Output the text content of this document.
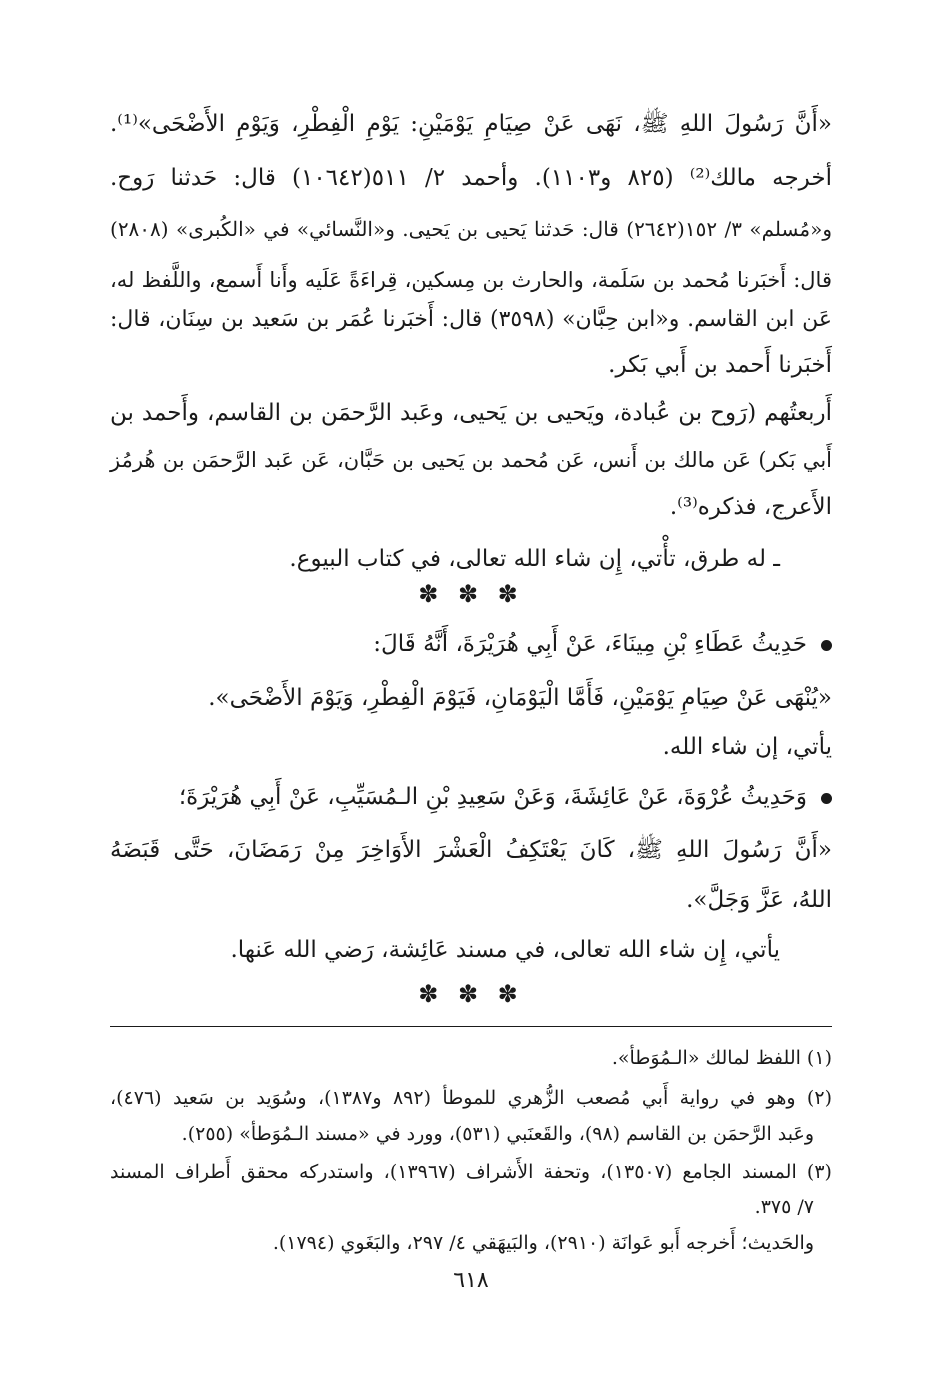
«أَنَّ رَسُولَ اللهِ ﷺ، نَهَى عَنْ صِيَامِ يَوْمَيْنِ: يَوْمِ الْفِطْرِ، وَيَوْمِ الأَضْحَى»⁽¹⁾.
أخرجه مالك⁽²⁾ (٨٢٥ و١١٠٣). وأحمد ٢/ ٥١١(١٠٦٤٢) قال: حَدثنا رَوح.
و«مُسلم» ٣/ ١٥٢(٢٦٤٢) قال: حَدثنا يَحيى بن يَحيى. و«النَّسائي» في «الكُبرى» (٢٨٠٨)
قال: أَخبَرنا مُحمد بن سَلَمة، والحارث بن مِسكين، قِراءَةً عَلَيه وأَنا أَسمع، واللَّفظ له،
عَن ابن القاسم. و«ابن حِبَّان» (٣٥٩٨) قال: أَخبَرنا عُمَر بن سَعيد بن سِنَان، قال:
أَخبَرنا أَحمد بن أَبي بَكر.
أَربعتُهم (رَوح بن عُبادة، ويَحيى بن يَحيى، وعَبد الرَّحمَن بن القاسم، وأَحمد بن
أَبي بَكر) عَن مالك بن أَنس، عَن مُحمد بن يَحيى بن حَبَّان، عَن عَبد الرَّحمَن بن هُرمُز
الأَعرج، فذكره⁽³⁾.
ـ له طرق، تأْتي، إِن شاء الله تعالى، في كتاب البيوع.
✽ ✽ ✽
حَدِيثُ عَطَاءِ بْنِ مِينَاءَ، عَنْ أَبِي هُرَيْرَةَ، أَنَّهُ قَالَ:
«يُنْهَى عَنْ صِيَامِ يَوْمَيْنِ، فَأَمَّا الْيَوْمَانِ، فَيَوْمَ الْفِطْرِ، وَيَوْمَ الأَضْحَى».
يأتي، إن شاء الله.
وَحَدِيثُ عُرْوَةَ، عَنْ عَائِشَةَ، وَعَنْ سَعِيدِ بْنِ الـمُسَيِّبِ، عَنْ أَبِي هُرَيْرَةَ؛
«أَنَّ رَسُولَ اللهِ ﷺ، كَانَ يَعْتَكِفُ الْعَشْرَ الأَوَاخِرَ مِنْ رَمَضَانَ، حَتَّى قَبَضَهُ
اللهُ، عَزَّ وَجَلَّ».
يأتي، إِن شاء الله تعالى، في مسند عَائِشة، رَضي الله عَنها.
✽ ✽ ✽
(١) اللفظ لمالك «الـمُوَطأ».
(٢) وهو في رواية أَبي مُصعب الزُّهري للموطأ (٨٩٢ و١٣٨٧)، وسُوَيد بن سَعيد (٤٧٦)،
وعَبد الرَّحمَن بن القاسم (٩٨)، والقَعنَبي (٥٣١)، وورد في «مسند الـمُوَطأ» (٢٥٥).
(٣) المسند الجامع (١٣٥٠٧)، وتحفة الأَشراف (١٣٩٦٧)، واستدركه محقق أَطراف المسند
٧/ ٣٧٥.
والحَديث؛ أَخرجه أَبو عَوانَة (٢٩١٠)، والبَيهَقي ٤/ ٢٩٧، والبَغَوي (١٧٩٤).
٦١٨
